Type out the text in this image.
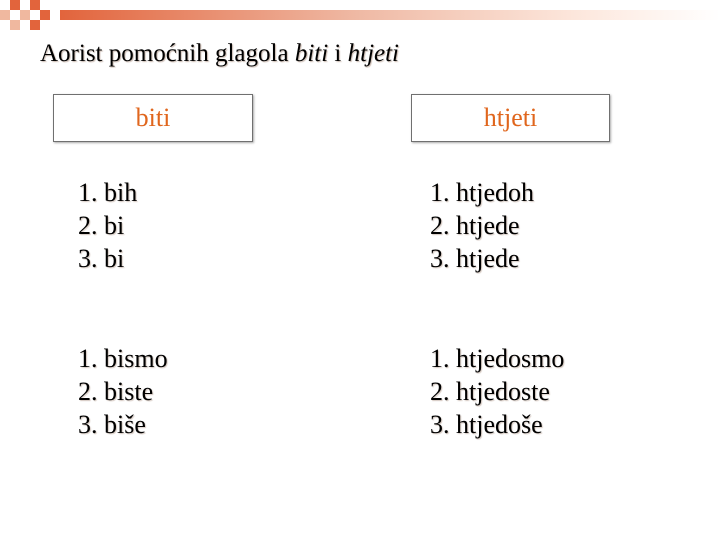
Aorist pomoćnih glagola biti i htjeti
biti	htjeti
1. bih
2. bi
3. bi
1. bismo
2. biste
3. biše
1. htjedoh
2. htjede
3. htjede
1. htjedosmo
2. htjedoste
3. htjedoše
